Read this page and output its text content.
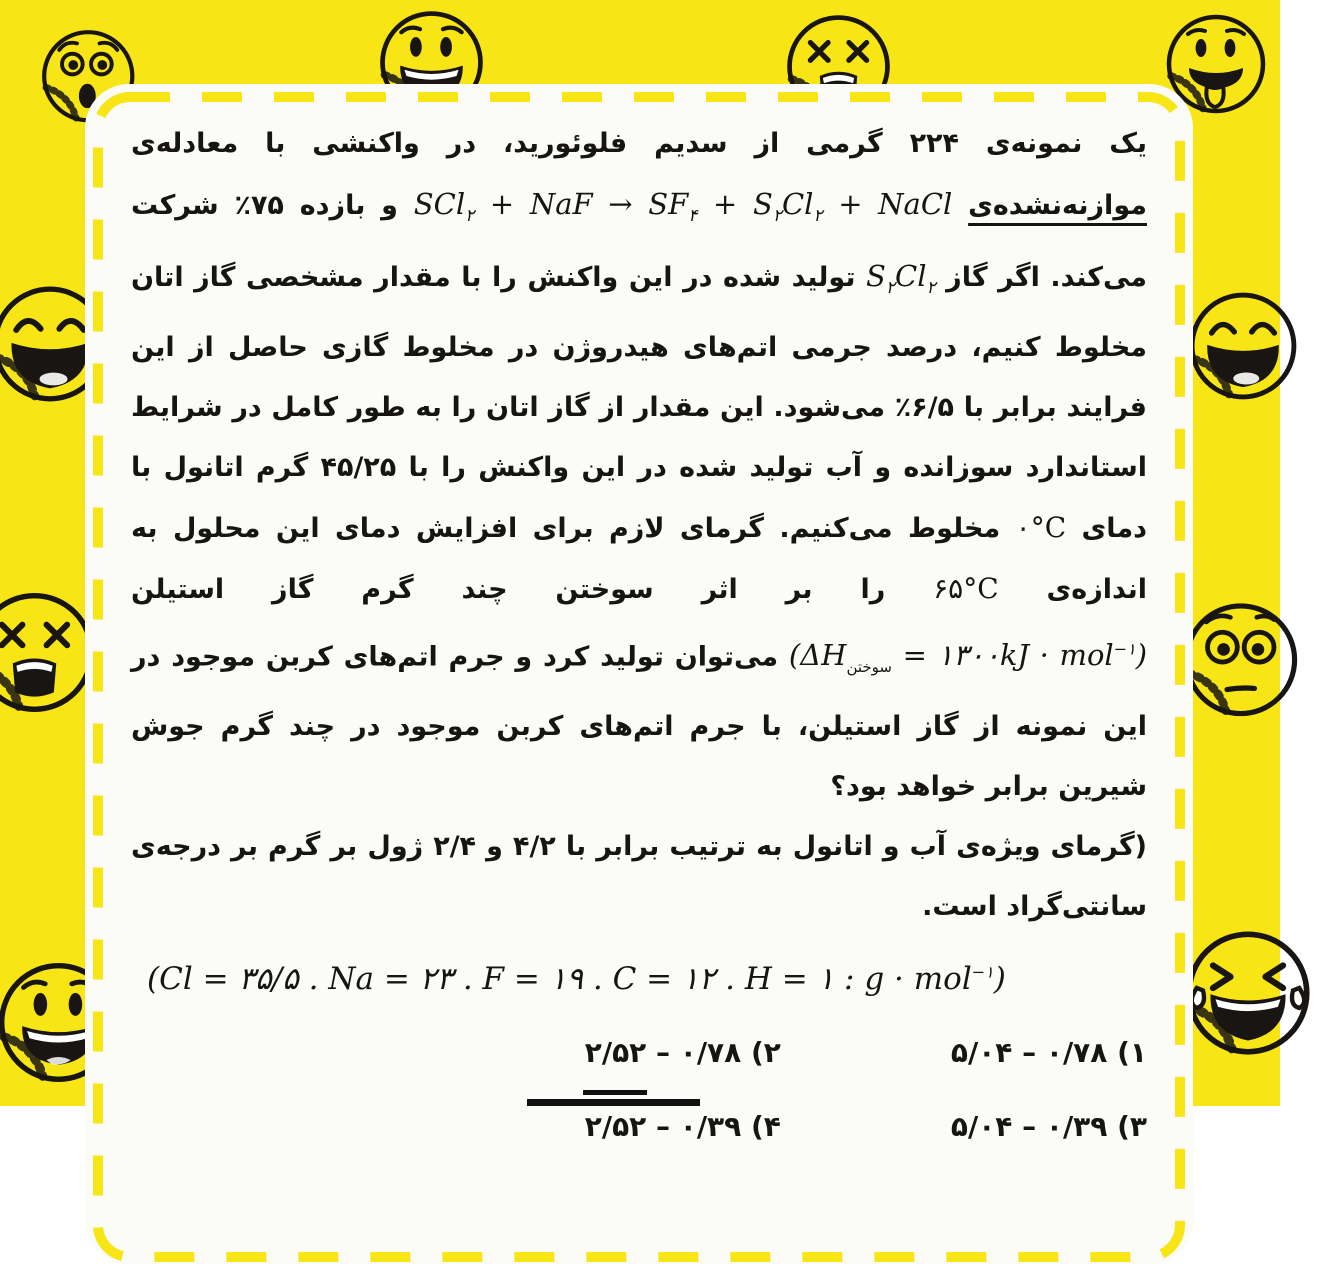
یک نمونه‌ی ۲۲۴ گرمی از سدیم فلوئورید، در واکنشی با معادله‌ی موازنه‌نشده‌ی SCl$_۲$ + NaF → $SF_۴ + S_۲Cl_۲$ + NaCl و بازده ۷۵٪ شرکت می‌کند. اگر گاز $S_۲Cl_۲$ تولید شده در این واکنش را با مقدار مشخصی گاز اتان مخلوط کنیم، درصد جرمی اتم‌های هیدروژن در مخلوط گازی حاصل از این فرایند برابر با ۶/۵٪ می‌شود. این مقدار از گاز اتان را به طور کامل در شرایط استاندارد سوزانده و آب تولید شده در این واکنش را با ۴۵/۲۵ گرم اتانول با دمای ۰°C مخلوط می‌کنیم. گرمای لازم برای افزایش دمای این محلول به اندازه‌ی ۶۵°C را بر اثر سوختن چند گرم گاز استیلن ($\Delta H_{سوختن}$ = ۱۳۰۰kJ · mol$^{-۱}$) می‌توان تولید کرد و جرم اتم‌های کربن موجود در این نمونه از گاز استیلن، با جرم اتم‌های کربن موجود در چند گرم جوش شیرین برابر خواهد بود؟

(گرمای ویژه‌ی آب و اتانول به ترتیب برابر با ۴/۲ و ۲/۴ ژول بر گرم بر درجه‌ی سانتی‌گراد است.

(Cl = ۳۵/۵ . Na = ۲۳ . F = ۱۹ . C = ۱۲ . H = ۱ : g · mol$^{-۱}$)
۵/۰۴ – ۰/۷۸ (۱
۲/۵۲ – ۰/۷۸ (۲
۵/۰۴ – ۰/۳۹ (۳
۲/۵۲ – ۰/۳۹ (۴
